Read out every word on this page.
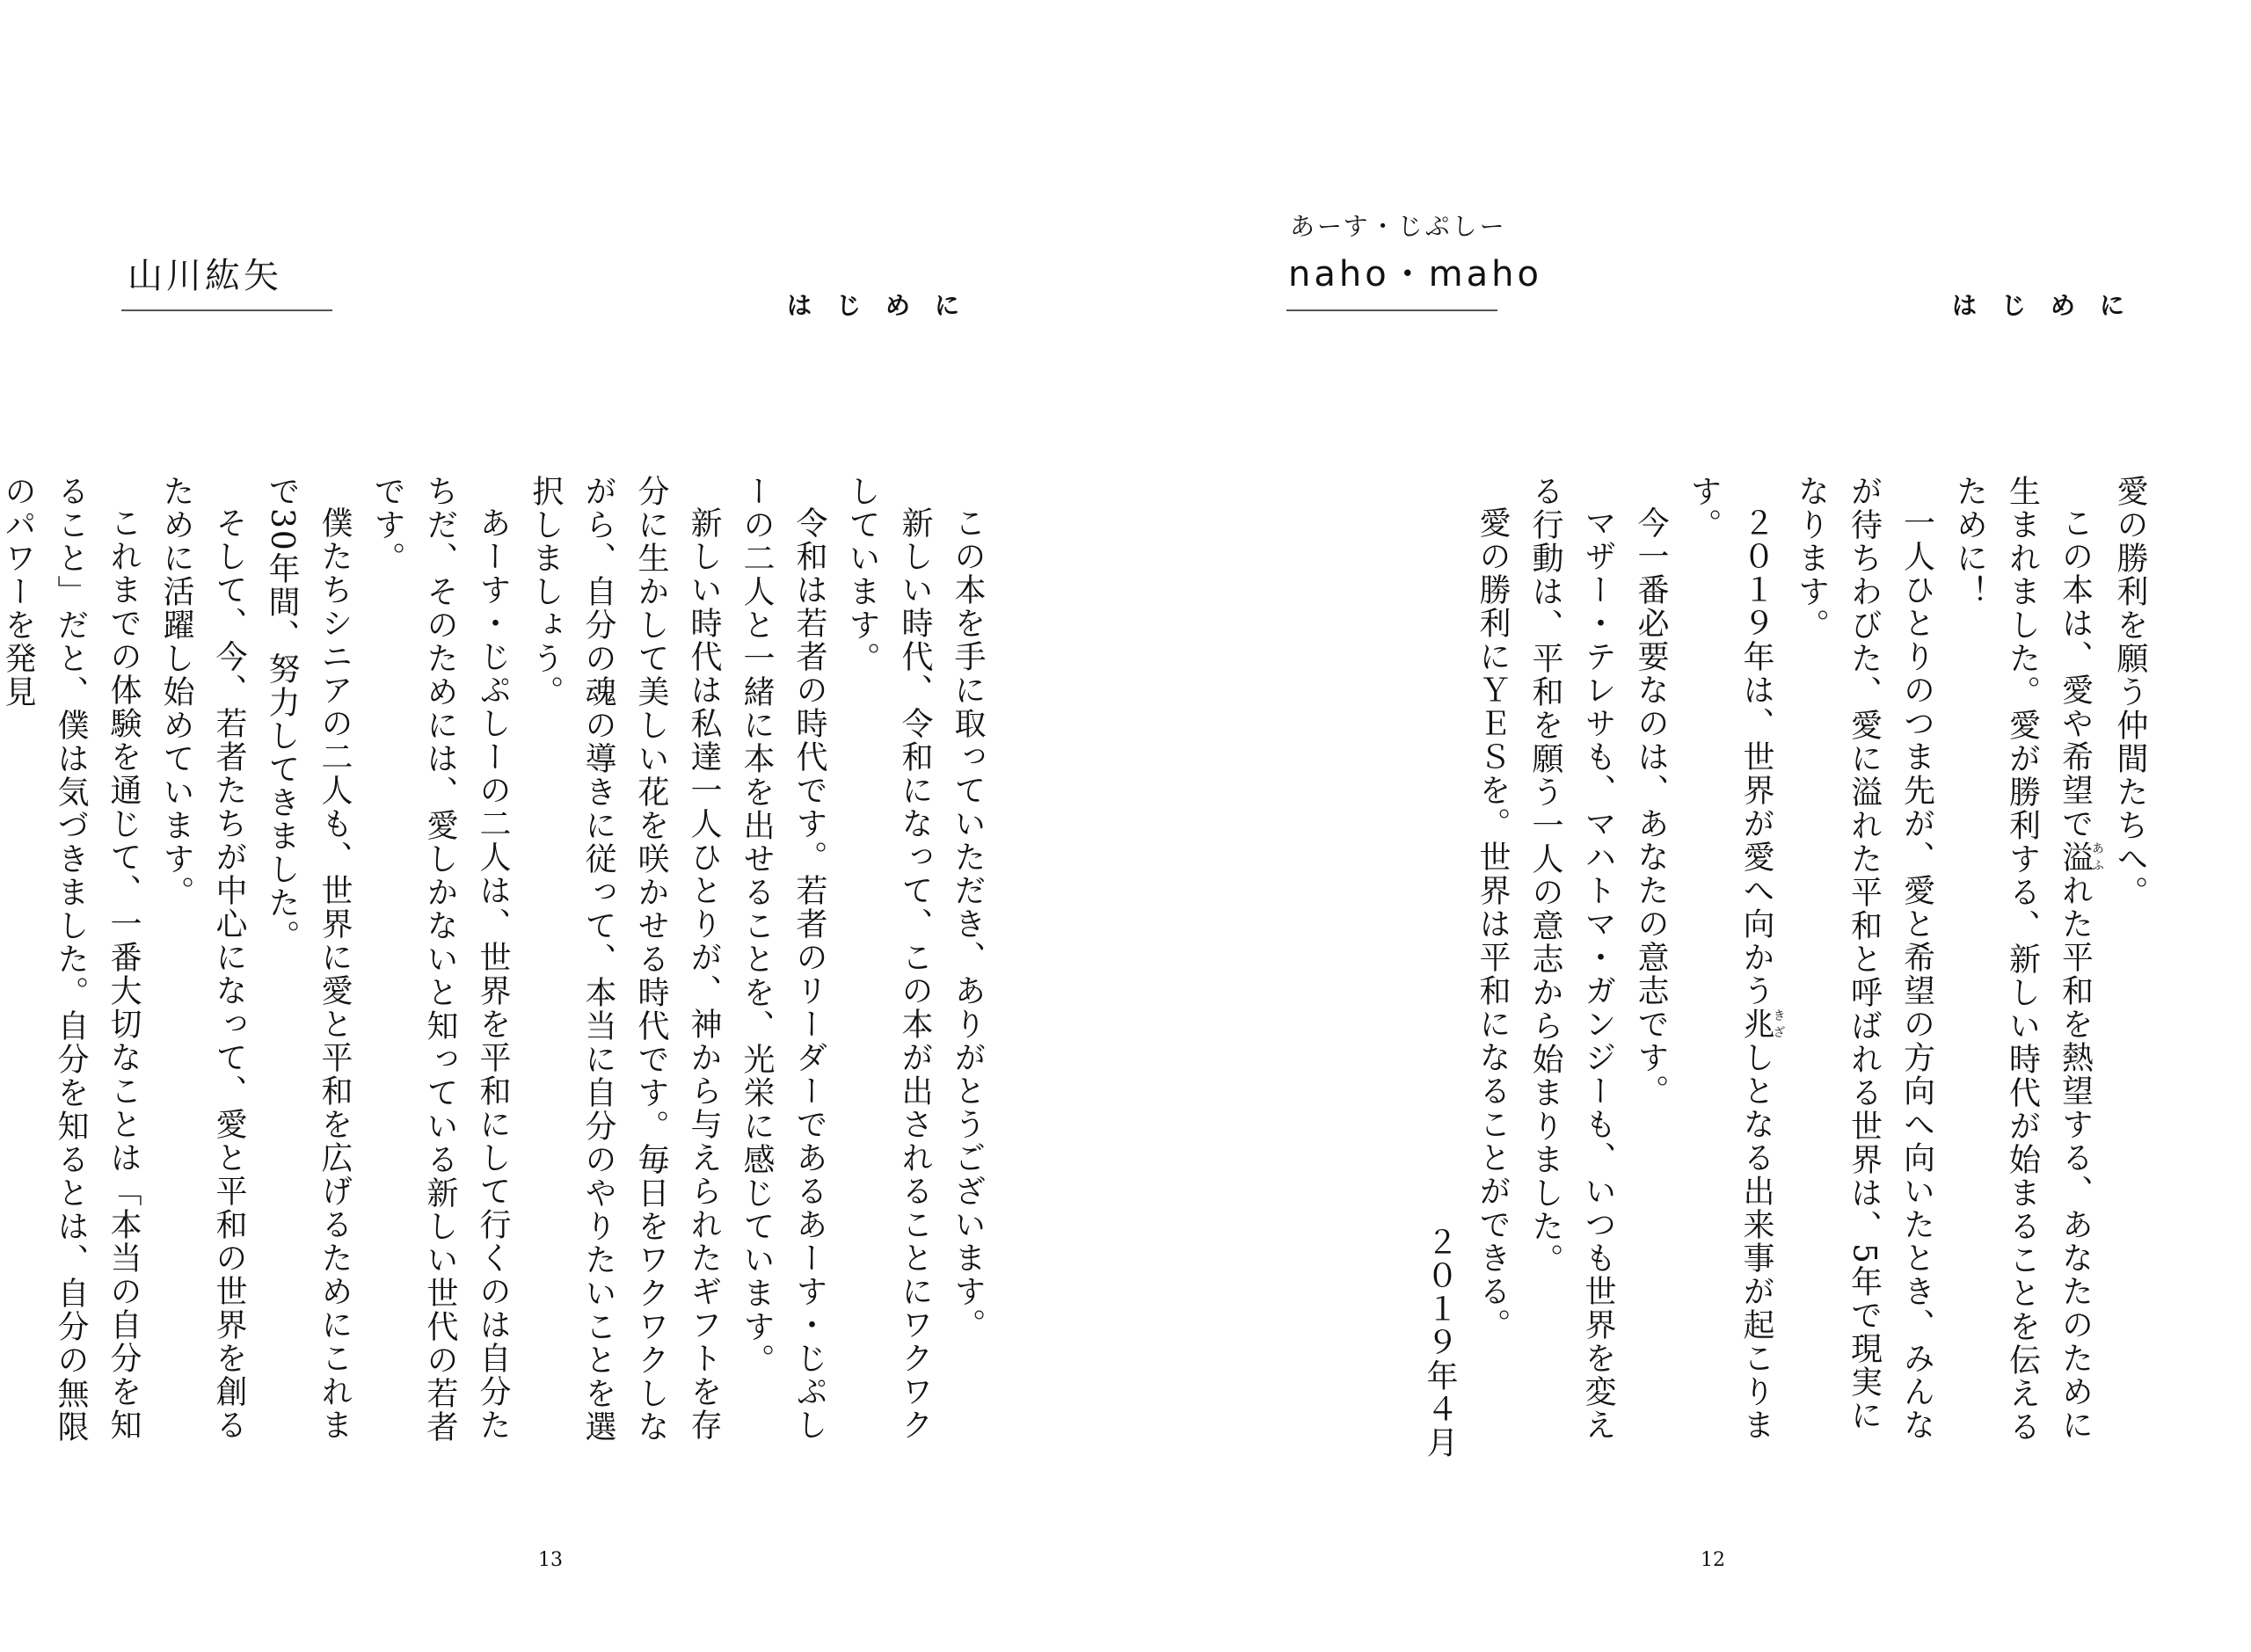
あーす・じぷしー
naho・maho
はじめに

愛の勝利を願う仲間たちへ。

この本は、愛や希望で溢あふれた平和を熱望する、あなたのために生まれました。愛が勝利する、新しい時代が始まることを伝えるために！

一人ひとりのつま先が、愛と希望の方向へ向いたとき、みんなが待ちわびた、愛に溢れた平和と呼ばれる世界は、5年で現実になります。

２０１９年は、世界が愛へ向かう兆きざしとなる出来事が起こります。

今一番必要なのは、あなたの意志です。

マザー・テレサも、マハトマ・ガンジーも、いつも世界を変える行動は、平和を願う一人の意志から始まりました。

愛の勝利にＹＥＳを。世界は平和になることができる。

２０１９年４月

12
山川紘矢
はじめに

この本を手に取っていただき、ありがとうございます。

新しい時代、令和になって、この本が出されることにワクワクしています。

令和は若者の時代です。若者のリーダーであるあーす・じぷしーの二人と一緒に本を出せることを、光栄に感じています。

新しい時代は私達一人ひとりが、神から与えられたギフトを存分に生かして美しい花を咲かせる時代です。毎日をワクワクしながら、自分の魂の導きに従って、本当に自分のやりたいことを選択しましょう。

あーす・じぷしーの二人は、世界を平和にして行くのは自分たちだ、そのためには、愛しかないと知っている新しい世代の若者です。

僕たちシニアの二人も、世界に愛と平和を広げるためにこれまで30年間、努力してきました。

そして、今、若者たちが中心になって、愛と平和の世界を創るために活躍し始めています。

これまでの体験を通じて、一番大切なことは「本当の自分を知ること」だと、僕は気づきました。自分を知るとは、自分の無限のパワーを発見

13
